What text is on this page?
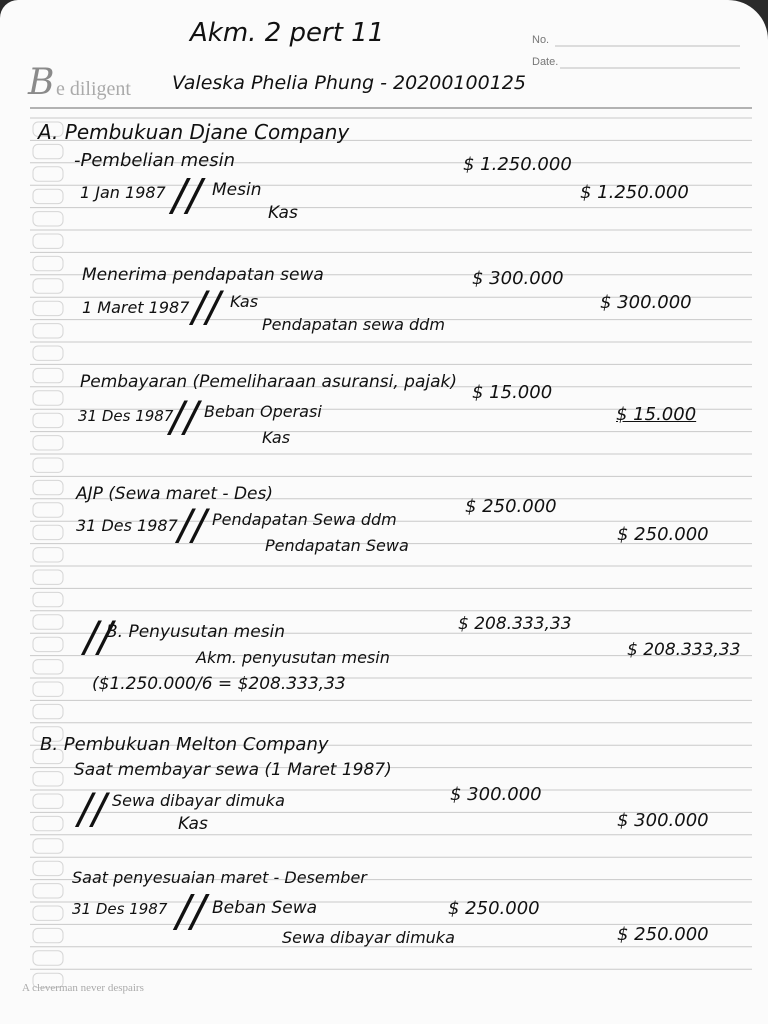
Akm. 2 pert 11	No.
Date.
B e diligent Valeska Phelia Phung - 20200100125
A. Pembukuan Djane Company
-Pembelian mesin
1 Jan 1987 // Mesin
Kas
$ 1.250.000
$ 1.250.000
Menerima pendapatan sewa
1 Maret 1987 // Kas
Pendapatan sewa ddm
$ 300.000
$ 300.000
Pembayaran (Pemeliharaan asuransi, pajak)
31 Des 1987
// Beban Operasi
Kas
$ 15.000
$ 15.000
AJP (Sewa maret - Des)
31 Des 1987 // Pendapatan Sewa ddm
Pendapatan Sewa
$ 250.000
$ 250.000
//
B. Penyusutan mesin
Akm. penyusutan mesin
($1.250.000/6 = $208.333,33
$ 208.333,33
$ 208.333,33
B. Pembukuan Melton Company
Saat membayar sewa (1 Maret 1987)
// Sewa dibayar dimuka
Kas
$ 300.000
$ 300.000
Saat penyesuaian maret - Desember
31 Des 1987 // Beban Sewa
Sewa dibayar dimuka
$ 250.000
$ 250.000
A cleverman never despairs
